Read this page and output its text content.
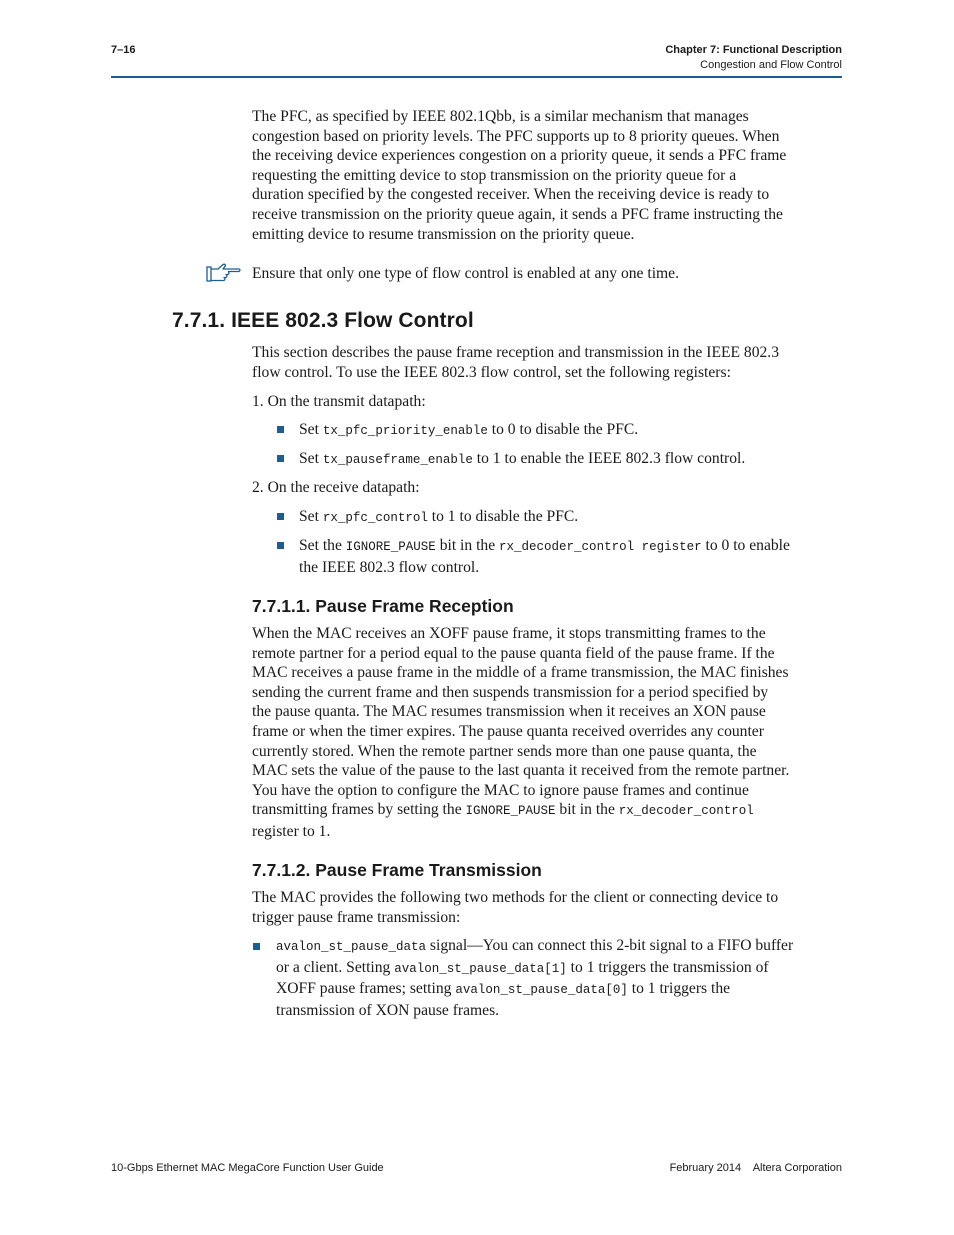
7–16	Chapter 7: Functional Description
Congestion and Flow Control
The PFC, as specified by IEEE 802.1Qbb, is a similar mechanism that manages
congestion based on priority levels. The PFC supports up to 8 priority queues. When
the receiving device experiences congestion on a priority queue, it sends a PFC frame
requesting the emitting device to stop transmission on the priority queue for a
duration specified by the congested receiver. When the receiving device is ready to
receive transmission on the priority queue again, it sends a PFC frame instructing the
emitting device to resume transmission on the priority queue.
Ensure that only one type of flow control is enabled at any one time.
7.7.1. IEEE 802.3 Flow Control
This section describes the pause frame reception and transmission in the IEEE 802.3
flow control. To use the IEEE 802.3 flow control, set the following registers:
1. On the transmit datapath:
Set tx_pfc_priority_enable to 0 to disable the PFC.
Set tx_pauseframe_enable to 1 to enable the IEEE 802.3 flow control.
2. On the receive datapath:
Set rx_pfc_control to 1 to disable the PFC.
Set the IGNORE_PAUSE bit in the rx_decoder_control register to 0 to enable
the IEEE 802.3 flow control.
7.7.1.1. Pause Frame Reception
When the MAC receives an XOFF pause frame, it stops transmitting frames to the
remote partner for a period equal to the pause quanta field of the pause frame. If the
MAC receives a pause frame in the middle of a frame transmission, the MAC finishes
sending the current frame and then suspends transmission for a period specified by
the pause quanta. The MAC resumes transmission when it receives an XON pause
frame or when the timer expires. The pause quanta received overrides any counter
currently stored. When the remote partner sends more than one pause quanta, the
MAC sets the value of the pause to the last quanta it received from the remote partner.
You have the option to configure the MAC to ignore pause frames and continue
transmitting frames by setting the IGNORE_PAUSE bit in the rx_decoder_control
register to 1.
7.7.1.2. Pause Frame Transmission
The MAC provides the following two methods for the client or connecting device to
trigger pause frame transmission:
avalon_st_pause_data signal—You can connect this 2-bit signal to a FIFO buffer
or a client. Setting avalon_st_pause_data[1] to 1 triggers the transmission of
XOFF pause frames; setting avalon_st_pause_data[0] to 1 triggers the
transmission of XON pause frames.
10-Gbps Ethernet MAC MegaCore Function User Guide	February 2014    Altera Corporation
